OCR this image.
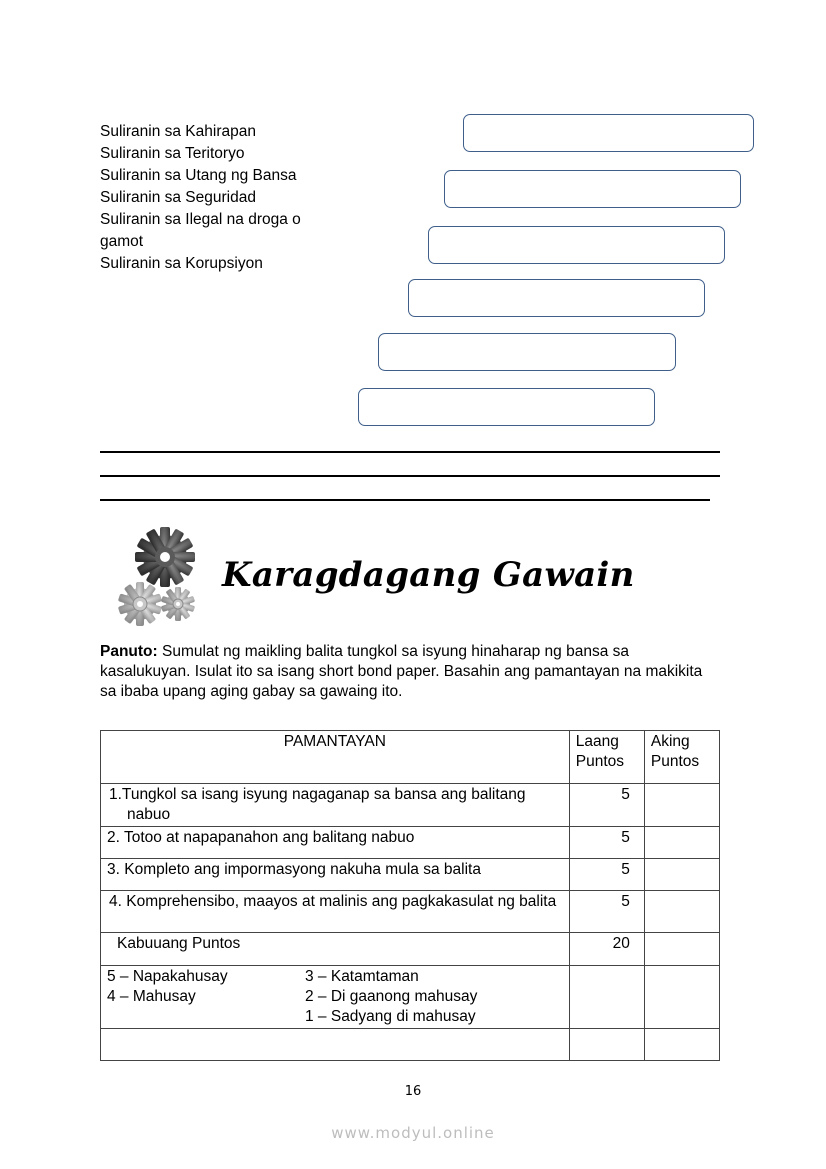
Suliranin sa Kahirapan
Suliranin sa Teritoryo
Suliranin sa Utang ng Bansa
Suliranin sa Seguridad
Suliranin sa Ilegal na droga o gamot
Suliranin sa Korupsiyon
Karagdagang Gawain
Panuto: Sumulat ng maikling balita tungkol sa isyung hinaharap ng bansa sa kasalukuyan. Isulat ito sa isang short bond paper. Basahin ang pamantayan na makikita sa ibaba upang aging gabay sa gawaing ito.
PAMANTAYAN	Laang Puntos	Aking Puntos
1.Tungkol sa isang isyung nagaganap sa bansa ang balitang nabuo	5	
2. Totoo at napapanahon ang balitang nabuo	5	
3. Kompleto ang impormasyong nakuha mula sa balita	5	
4. Komprehensibo, maayos at malinis ang pagkakasulat ng balita	5	
Kabuuang Puntos	20	

5 – Napakahusay
4 – Mahusay
3 – Katamtaman
2 – Di gaanong mahusay
1 – Sadyang di mahusay		

16
www.modyul.online
